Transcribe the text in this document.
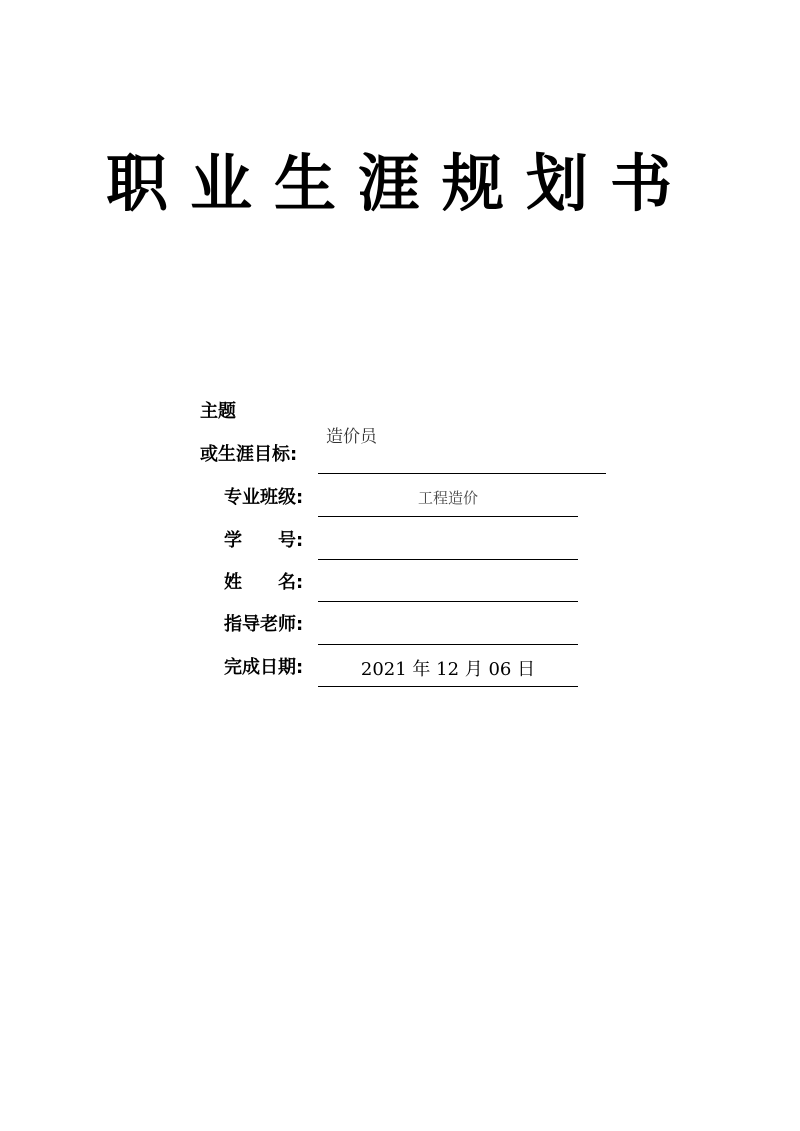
职业生涯规划书
主题
或生涯目标:
造价员
专业班级:	工程造价
学　　号:
姓　　名:
指导老师:
完成日期:	2021 年 12 月 06 日
